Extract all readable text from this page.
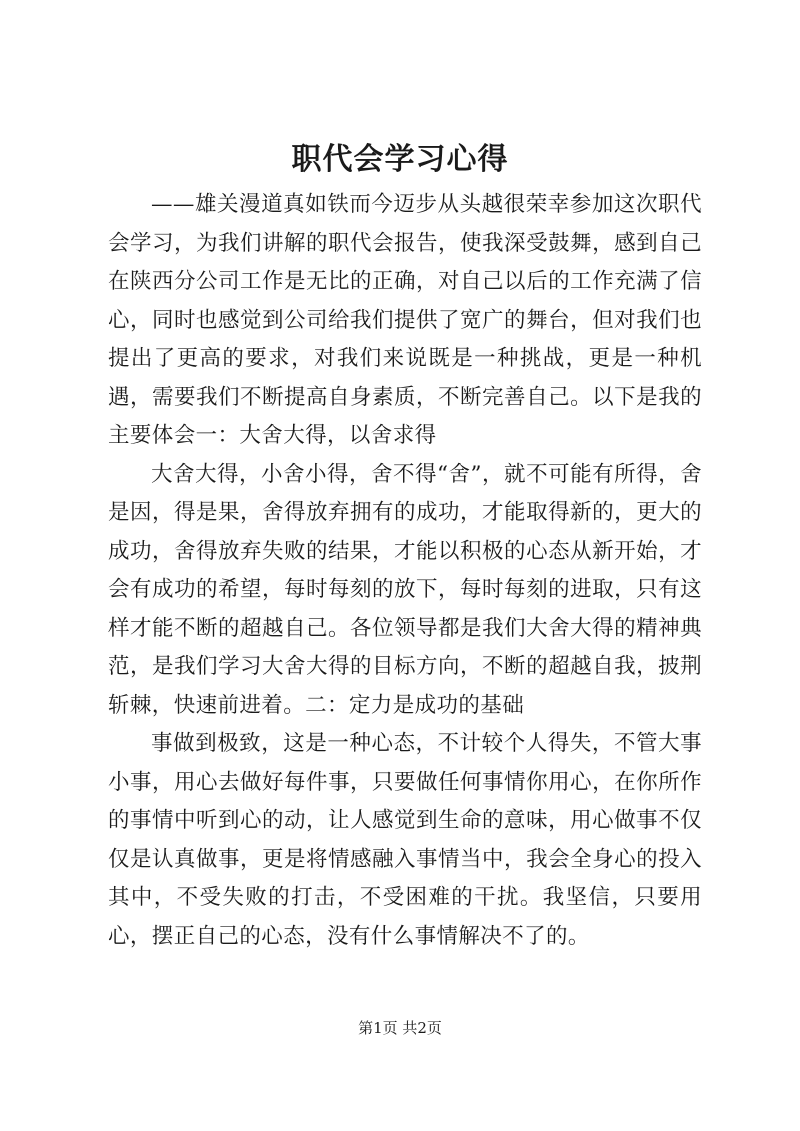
职代会学习心得

——雄关漫道真如铁而今迈步从头越很荣幸参加这次职代会学习，为我们讲解的职代会报告，使我深受鼓舞，感到自己在陕西分公司工作是无比的正确，对自己以后的工作充满了信心，同时也感觉到公司给我们提供了宽广的舞台，但对我们也提出了更高的要求，对我们来说既是一种挑战，更是一种机遇，需要我们不断提高自身素质，不断完善自己。以下是我的主要体会一：大舍大得，以舍求得

大舍大得，小舍小得，舍不得“舍”，就不可能有所得，舍是因，得是果，舍得放弃拥有的成功，才能取得新的，更大的成功，舍得放弃失败的结果，才能以积极的心态从新开始，才会有成功的希望，每时每刻的放下，每时每刻的进取，只有这样才能不断的超越自己。各位领导都是我们大舍大得的精神典范，是我们学习大舍大得的目标方向，不断的超越自我，披荆斩棘，快速前进着。二：定力是成功的基础

事做到极致，这是一种心态，不计较个人得失，不管大事小事，用心去做好每件事，只要做任何事情你用心，在你所作的事情中听到心的动，让人感觉到生命的意味，用心做事不仅仅是认真做事，更是将情感融入事情当中，我会全身心的投入其中，不受失败的打击，不受困难的干扰。我坚信，只要用心，摆正自己的心态，没有什么事情解决不了的。

第1页 共2页
